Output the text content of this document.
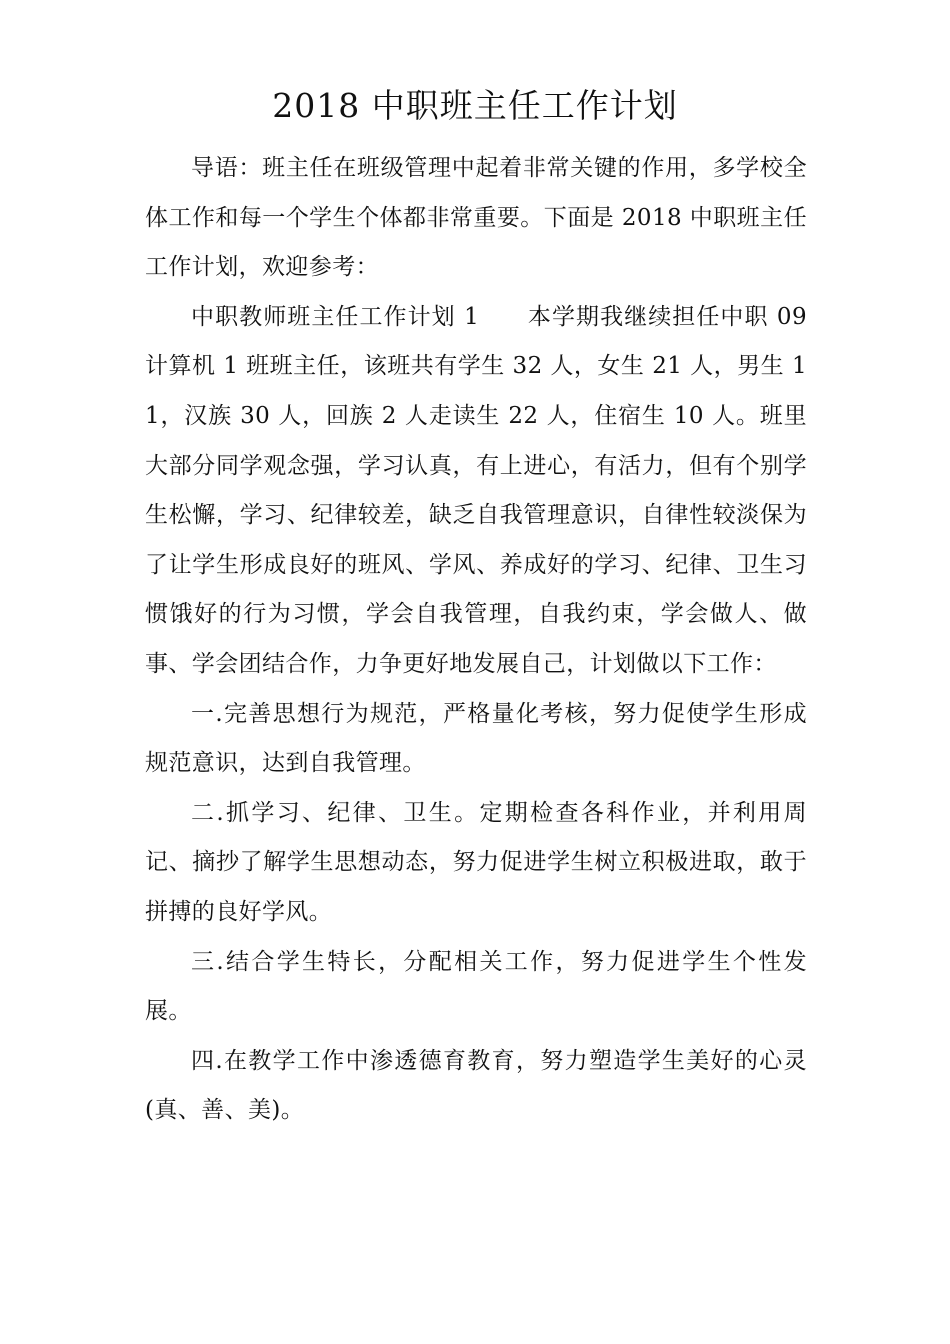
2018 中职班主任工作计划

导语：班主任在班级管理中起着非常关键的作用，多学校全体工作和每一个学生个体都非常重要。下面是 2018 中职班主任工作计划，欢迎参考：

中职教师班主任工作计划 1　　本学期我继续担任中职 09 计算机 1 班班主任，该班共有学生 32 人，女生 21 人，男生 11，汉族 30 人，回族 2 人走读生 22 人，住宿生 10 人。班里大部分同学观念强，学习认真，有上进心，有活力，但有个别学生松懈，学习、纪律较差，缺乏自我管理意识，自律性较淡保为了让学生形成良好的班风、学风、养成好的学习、纪律、卫生习惯饿好的行为习惯，学会自我管理，自我约束，学会做人、做事、学会团结合作，力争更好地发展自己，计划做以下工作：

一.完善思想行为规范，严格量化考核，努力促使学生形成规范意识，达到自我管理。

二.抓学习、纪律、卫生。定期检查各科作业，并利用周记、摘抄了解学生思想动态，努力促进学生树立积极进取，敢于拼搏的良好学风。

三.结合学生特长，分配相关工作，努力促进学生个性发展。

四.在教学工作中渗透德育教育，努力塑造学生美好的心灵(真、善、美)。
